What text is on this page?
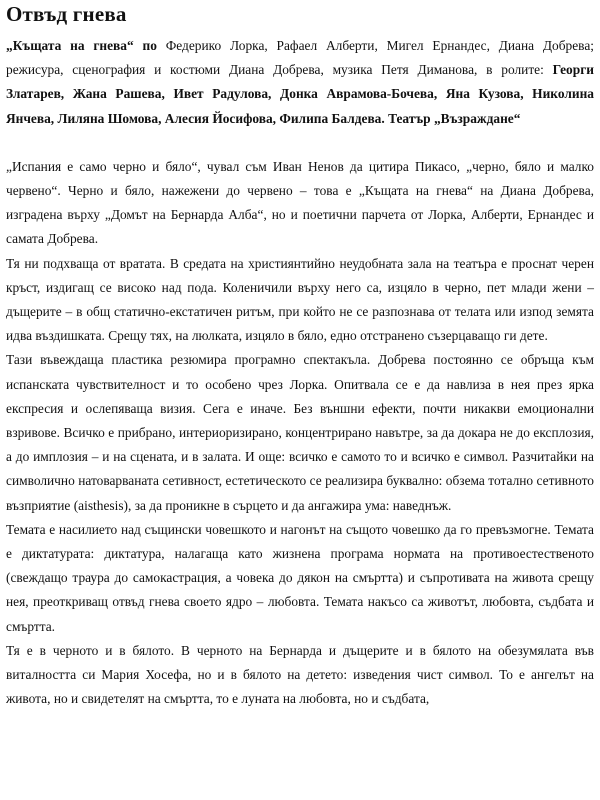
Отвъд гнева

„Къщата на гнева“ по Федерико Лорка, Рафаел Алберти, Мигел Ернандес, Диана Добрева; режисура, сценография и костюми Диана Добрева, музика Петя Диманова, в ролите: Георги Златарев, Жана Рашева, Ивет Радулова, Донка Аврамова-Бочева, Яна Кузова, Николина Янчева, Лиляна Шомова, Алесия Йосифова, Филипа Балдева. Театър „Възраждане“

„Испания е само черно и бяло“, чувал съм Иван Ненов да цитира Пикасо, „черно, бяло и малко червено“. Черно и бяло, нажежени до червено – това е „Къщата на гнева“ на Диана Добрева, изградена върху „Домът на Бернарда Алба“, но и поетични парчета от Лорка, Алберти, Ернандес и самата Добрева.

Тя ни подхваща от вратата. В средата на християнтийно неудобната зала на театъра е проснат черен кръст, издигащ се високо над пода. Коленичили върху него са, изцяло в черно, пет млади жени – дъщерите – в общ статично-екстатичен ритъм, при който не се разпознава от телата или изпод земята идва въздишката. Срещу тях, на люлката, изцяло в бяло, едно отстранено съзерцаващо ги дете.

Тази въвеждаща пластика резюмира програмно спектакъла. Добрева постоянно се обръща към испанската чувствителност и то особено чрез Лорка. Опитвала се е да навлиза в нея през ярка експресия и ослепяваща визия. Сега е иначе. Без външни ефекти, почти никакви емоционални взривове. Всичко е прибрано, интериоризирано, концентрирано навътре, за да докара не до експлозия, а до имплозия – и на сцената, и в залата. И още: всичко е самото то и всичко е символ. Разчитайки на символично натоварваната сетивност, естетическото се реализира буквално: обзема тотално сетивното възприятие (aisthesis), за да проникне в сърцето и да ангажира ума: наведнъж.

Темата е насилието над същински човешкото и нагонът на същото човешко да го превъзмогне. Темата е диктатурата: диктатура, налагаща като жизнена програма нормата на противоестественото (свеждащо траура до самокастрация, а човека до дякон на смъртта) и съпротивата на живота срещу нея, преоткриващ отвъд гнева своето ядро – любовта. Темата накъсо са животът, любовта, съдбата и смъртта.

Тя е в черното и в бялото. В черното на Бернарда и дъщерите и в бялото на обезумялата във виталността си Мария Хосефа, но и в бялото на детето: изведения чист символ. То е ангелът на живота, но и свидетелят на смъртта, то е луната на любовта, но и съдбата,
